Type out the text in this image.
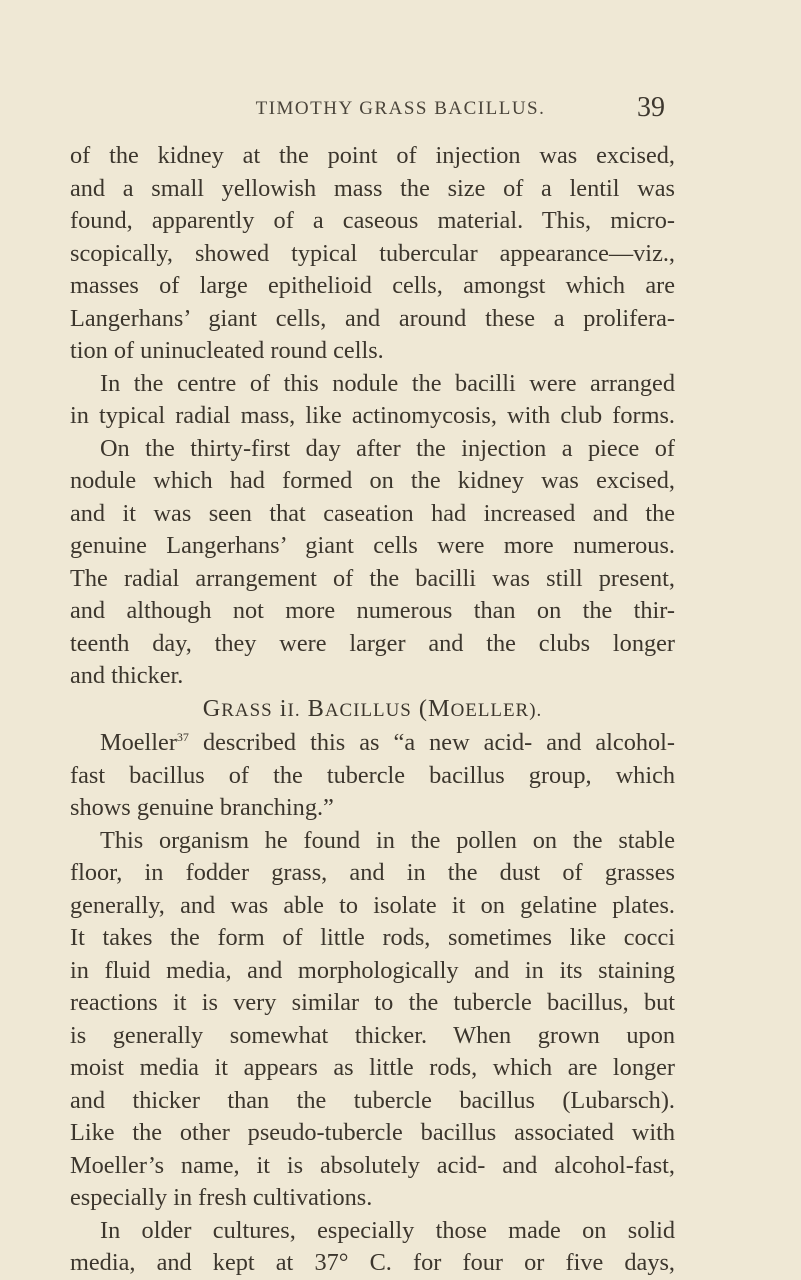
TIMOTHY GRASS BACILLUS.	39
of the kidney at the point of injection was excised,
and a small yellowish mass the size of a lentil was
found, apparently of a caseous material. This, micro-
scopically, showed typical tubercular appearance—viz.,
masses of large epithelioid cells, amongst which are
Langerhans’ giant cells, and around these a prolifera-
tion of uninucleated round cells.
In the centre of this nodule the bacilli were arranged
in typical radial mass, like actinomycosis, with club forms.
On the thirty-first day after the injection a piece of
nodule which had formed on the kidney was excised,
and it was seen that caseation had increased and the
genuine Langerhans’ giant cells were more numerous.
The radial arrangement of the bacilli was still present,
and although not more numerous than on the thir-
teenth day, they were larger and the clubs longer
and thicker.
GRASS iI. BACILLUS (MOELLER).
Moeller$^{37}$ described this as “a new acid- and alcohol-
fast bacillus of the tubercle bacillus group, which
shows genuine branching.”
This organism he found in the pollen on the stable
floor, in fodder grass, and in the dust of grasses
generally, and was able to isolate it on gelatine plates.
It takes the form of little rods, sometimes like cocci
in fluid media, and morphologically and in its staining
reactions it is very similar to the tubercle bacillus, but
is generally somewhat thicker. When grown upon
moist media it appears as little rods, which are longer
and thicker than the tubercle bacillus (Lubarsch).
Like the other pseudo-tubercle bacillus associated with
Moeller’s name, it is absolutely acid- and alcohol-fast,
especially in fresh cultivations.
In older cultures, especially those made on solid
media, and kept at 37° C. for four or five days,
